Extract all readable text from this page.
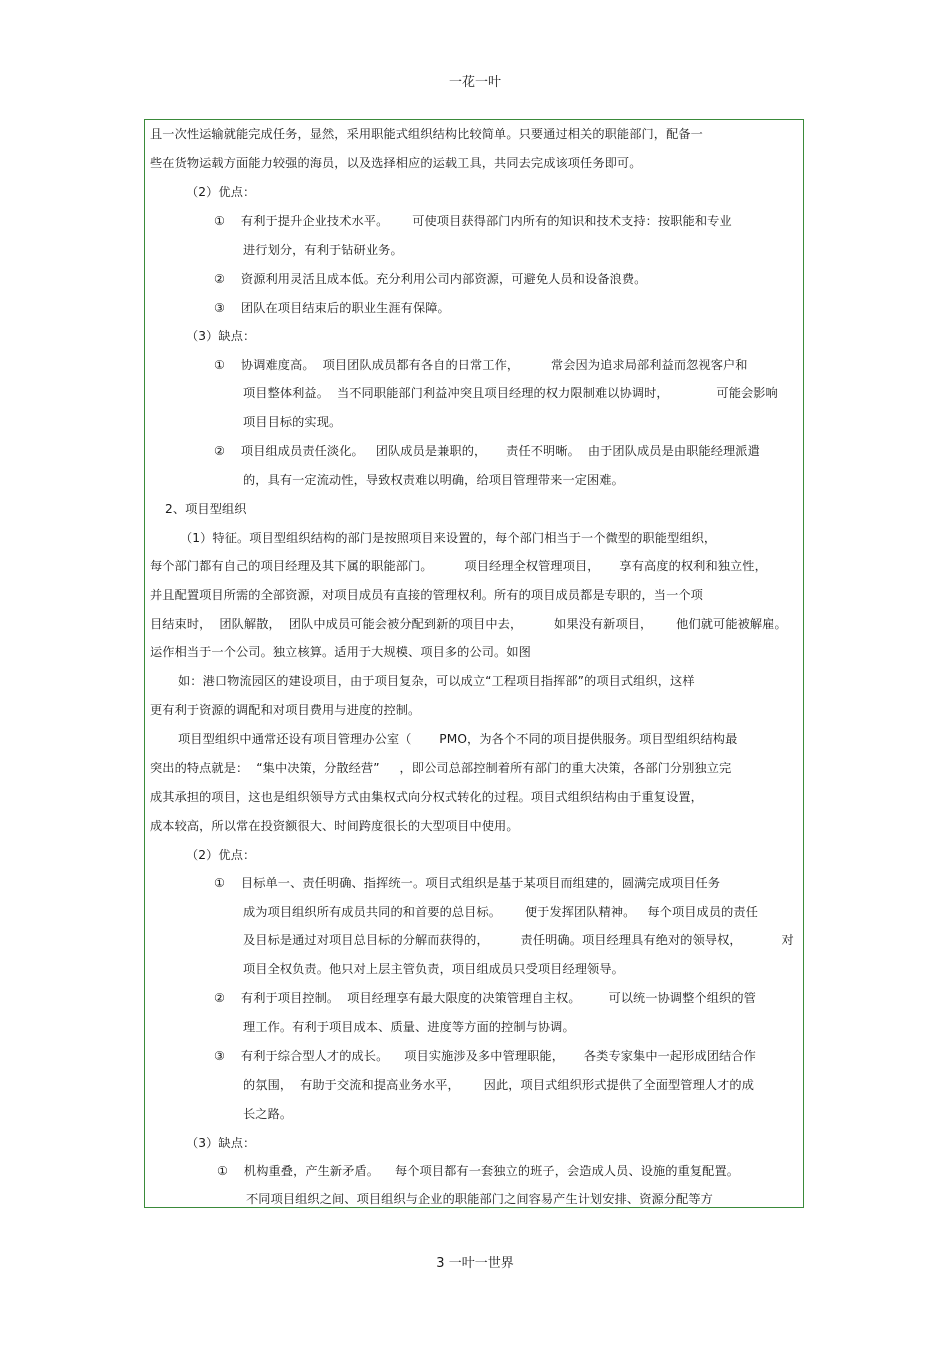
一花一叶
且一次性运输就能完成任务，显然，采用职能式组织结构比较简单。只要通过相关的职能部门，配备一
些在货物运载方面能力较强的海员，以及选择相应的运载工具，共同去完成该项任务即可。
（2）优点：
①    有利于提升企业技术水平。      可使项目获得部门内所有的知识和技术支持：按职能和专业
进行划分，有利于钻研业务。
②    资源利用灵活且成本低。充分利用公司内部资源，可避免人员和设备浪费。
③    团队在项目结束后的职业生涯有保障。
（3）缺点：
①    协调难度高。  项目团队成员都有各自的日常工作，        常会因为追求局部利益而忽视客户和
项目整体利益。  当不同职能部门利益冲突且项目经理的权力限制难以协调时，            可能会影响
项目目标的实现。
②    项目组成员责任淡化。   团队成员是兼职的，     责任不明晰。  由于团队成员是由职能经理派遣
的，具有一定流动性，导致权责难以明确，给项目管理带来一定困难。
2、项目型组织
（1）特征。项目型组织结构的部门是按照项目来设置的，每个部门相当于一个微型的职能型组织，
每个部门都有自己的项目经理及其下属的职能部门。        项目经理全权管理项目，     享有高度的权利和独立性，
并且配置项目所需的全部资源，对项目成员有直接的管理权利。所有的项目成员都是专职的，当一个项
目结束时，  团队解散，  团队中成员可能会被分配到新的项目中去，        如果没有新项目，      他们就可能被解雇。
运作相当于一个公司。独立核算。适用于大规模、项目多的公司。如图
如：港口物流园区的建设项目，由于项目复杂，可以成立“工程项目指挥部”的项目式组织，这样
更有利于资源的调配和对项目费用与进度的控制。
项目型组织中通常还设有项目管理办公室（       PMO，为各个不同的项目提供服务。项目型组织结构最
突出的特点就是：  “集中决策，分散经营”     ，即公司总部控制着所有部门的重大决策，各部门分别独立完
成其承担的项目，这也是组织领导方式由集权式向分权式转化的过程。项目式组织结构由于重复设置，
成本较高，所以常在投资额很大、时间跨度很长的大型项目中使用。
（2）优点：
①    目标单一、责任明确、指挥统一。项目式组织是基于某项目而组建的，圆满完成项目任务
成为项目组织所有成员共同的和首要的总目标。      便于发挥团队精神。   每个项目成员的责任
及目标是通过对项目总目标的分解而获得的，        责任明确。项目经理具有绝对的领导权，          对
项目全权负责。他只对上层主管负责，项目组成员只受项目经理领导。
②    有利于项目控制。  项目经理享有最大限度的决策管理自主权。       可以统一协调整个组织的管
理工作。有利于项目成本、质量、进度等方面的控制与协调。
③    有利于综合型人才的成长。    项目实施涉及多中管理职能，     各类专家集中一起形成团结合作
的氛围，  有助于交流和提高业务水平，      因此，项目式组织形式提供了全面型管理人才的成
长之路。
（3）缺点：
①    机构重叠，产生新矛盾。    每个项目都有一套独立的班子，会造成人员、设施的重复配置。
不同项目组织之间、项目组织与企业的职能部门之间容易产生计划安排、资源分配等方
3 一叶一世界
